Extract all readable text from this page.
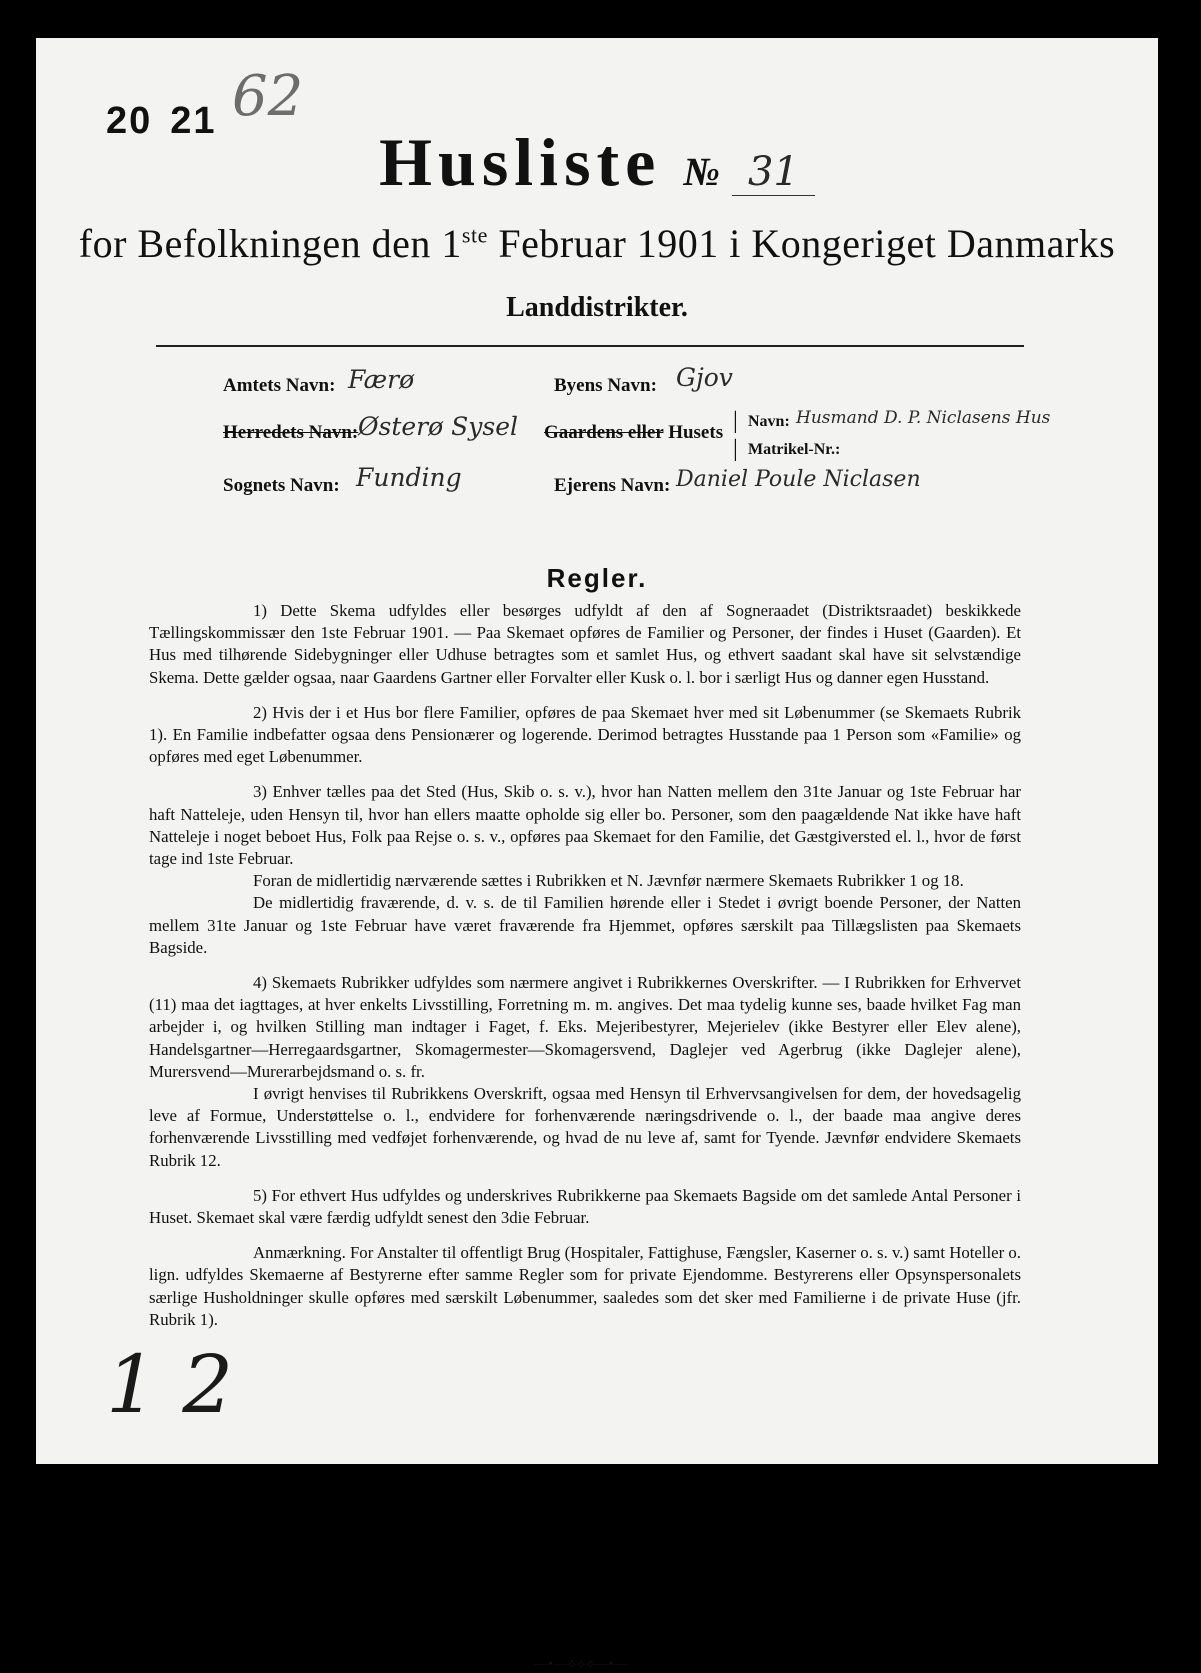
20 21 62
Husliste № 31
for Befolkningen den 1ste Februar 1901 i Kongeriget Danmarks
Landdistrikter.
Amtets Navn: Færø	Byens Navn: Gjov
Herredets Navn: Østerø Sysel Gaardens eller Husets | Navn: Husmand D. P. Niclasens Hus
| Matrikel-Nr.:
Sognets Navn: Funding	Ejerens Navn: Daniel Poule Niclasen
Regler.

1) Dette Skema udfyldes eller besørges udfyldt af den af Sogneraadet (Distriktsraadet) beskikkede Tællingskommissær den 1ste Februar 1901. — Paa Skemaet opføres de Familier og Personer, der findes i Huset (Gaarden). Et Hus med tilhørende Sidebygninger eller Udhuse betragtes som et samlet Hus, og ethvert saadant skal have sit selvstændige Skema. Dette gælder ogsaa, naar Gaardens Gartner eller Forvalter eller Kusk o. l. bor i særligt Hus og danner egen Husstand.

2) Hvis der i et Hus bor flere Familier, opføres de paa Skemaet hver med sit Løbenummer (se Skemaets Rubrik 1). En Familie indbefatter ogsaa dens Pensionærer og logerende. Derimod betragtes Husstande paa 1 Person som «Familie» og opføres med eget Løbenummer.

3) Enhver tælles paa det Sted (Hus, Skib o. s. v.), hvor han Natten mellem den 31te Januar og 1ste Februar har haft Natteleje, uden Hensyn til, hvor han ellers maatte opholde sig eller bo. Personer, som den paagældende Nat ikke have haft Natteleje i noget beboet Hus, Folk paa Rejse o. s. v., opføres paa Skemaet for den Familie, det Gæstgiversted el. l., hvor de først tage ind 1ste Februar.

Foran de midlertidig nærværende sættes i Rubrikken et N. Jævnfør nærmere Skemaets Rubrikker 1 og 18.

De midlertidig fraværende, d. v. s. de til Familien hørende eller i Stedet i øvrigt boende Personer, der Natten mellem 31te Januar og 1ste Februar have været fraværende fra Hjemmet, opføres særskilt paa Tillægslisten paa Skemaets Bagside.

4) Skemaets Rubrikker udfyldes som nærmere angivet i Rubrikkernes Overskrifter. — I Rubrikken for Erhvervet (11) maa det iagttages, at hver enkelts Livsstilling, Forretning m. m. angives. Det maa tydelig kunne ses, baade hvilket Fag man arbejder i, og hvilken Stilling man indtager i Faget, f. Eks. Mejeribestyrer, Mejerielev (ikke Bestyrer eller Elev alene), Handelsgartner—Herregaardsgartner, Skomagermester—Skomagersvend, Daglejer ved Agerbrug (ikke Daglejer alene), Murersvend—Murerarbejdsmand o. s. fr.

I øvrigt henvises til Rubrikkens Overskrift, ogsaa med Hensyn til Erhvervsangivelsen for dem, der hovedsagelig leve af Formue, Understøttelse o. l., endvidere for forhenværende næringsdrivende o. l., der baade maa angive deres forhenværende Livsstilling med vedføjet forhenværende, og hvad de nu leve af, samt for Tyende. Jævnfør endvidere Skemaets Rubrik 12.

5) For ethvert Hus udfyldes og underskrives Rubrikkerne paa Skemaets Bagside om det samlede Antal Personer i Huset. Skemaet skal være færdig udfyldt senest den 3die Februar.

Anmærkning. For Anstalter til offentligt Brug (Hospitaler, Fattighuse, Fængsler, Kaserner o. s. v.) samt Hoteller o. lign. udfyldes Skemaerne af Bestyrerne efter samme Regler som for private Ejendomme. Bestyrerens eller Opsynspersonalets særlige Husholdninger skulle opføres med særskilt Løbenummer, saaledes som det sker med Familierne i de private Huse (jfr. Rubrik 1).

—•—⟡⟡⟡—•—
1 2
